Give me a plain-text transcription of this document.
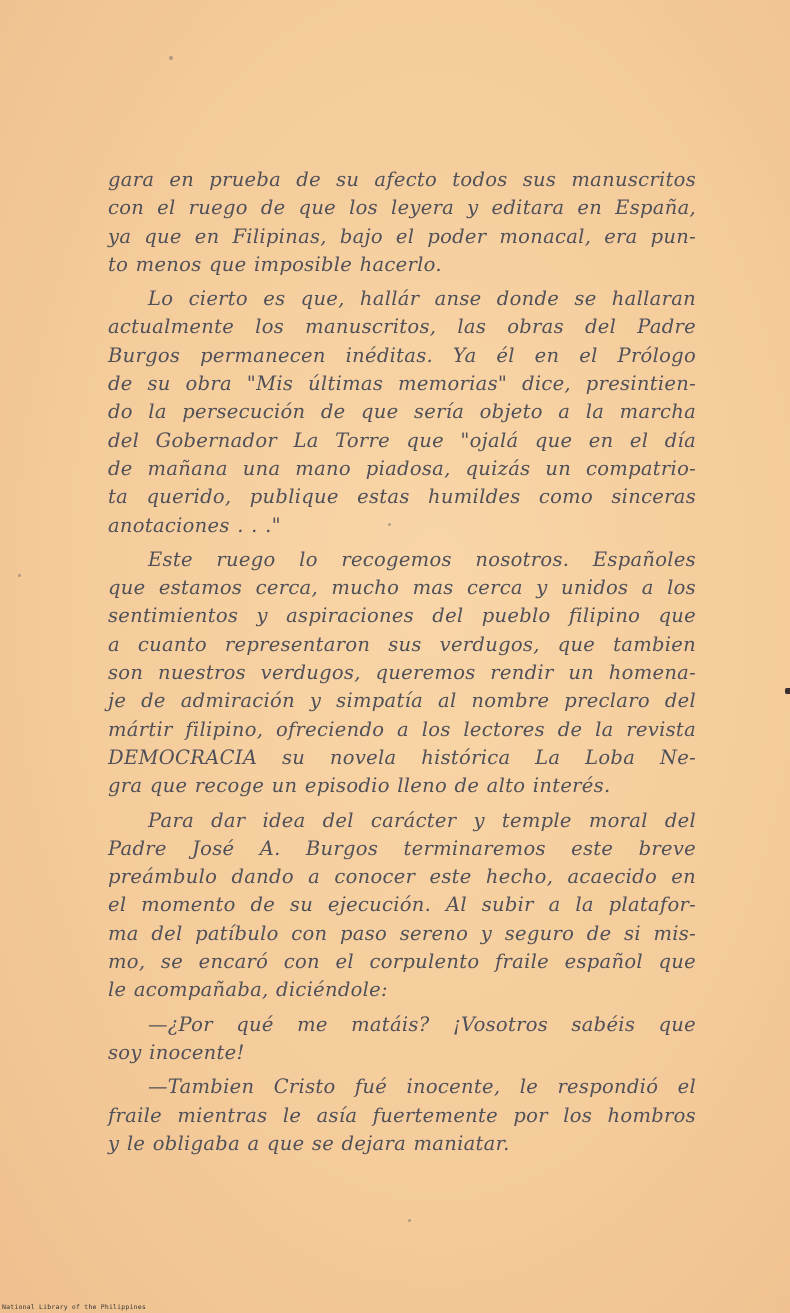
gara en prueba de su afecto todos sus manuscritos
con el ruego de que los leyera y editara en España,
ya que en Filipinas, bajo el poder monacal, era pun-
to menos que imposible hacerlo.
Lo cierto es que, hallár anse donde se hallaran
actualmente los manuscritos, las obras del Padre
Burgos permanecen inéditas. Ya él en el Prólogo
de su obra "Mis últimas memorias" dice, presintien-
do la persecución de que sería objeto a la marcha
del Gobernador La Torre que "ojalá que en el día
de mañana una mano piadosa, quizás un compatrio-
ta querido, publique estas humildes como sinceras
anotaciones . . ."
Este ruego lo recogemos nosotros. Españoles
que estamos cerca, mucho mas cerca y unidos a los
sentimientos y aspiraciones del pueblo filipino que
a cuanto representaron sus verdugos, que tambien
son nuestros verdugos, queremos rendir un homena-
je de admiración y simpatía al nombre preclaro del
mártir filipino, ofreciendo a los lectores de la revista
DEMOCRACIA su novela histórica La Loba Ne-
gra que recoge un episodio lleno de alto interés.
Para dar idea del carácter y temple moral del
Padre José A. Burgos terminaremos este breve
preámbulo dando a conocer este hecho, acaecido en
el momento de su ejecución. Al subir a la platafor-
ma del patíbulo con paso sereno y seguro de si mis-
mo, se encaró con el corpulento fraile español que
le acompañaba, diciéndole:
—¿Por qué me matáis? ¡Vosotros sabéis que
soy inocente!
—Tambien Cristo fué inocente, le respondió el
fraile mientras le asía fuertemente por los hombros
y le obligaba a que se dejara maniatar.
National Library of the Philippines
